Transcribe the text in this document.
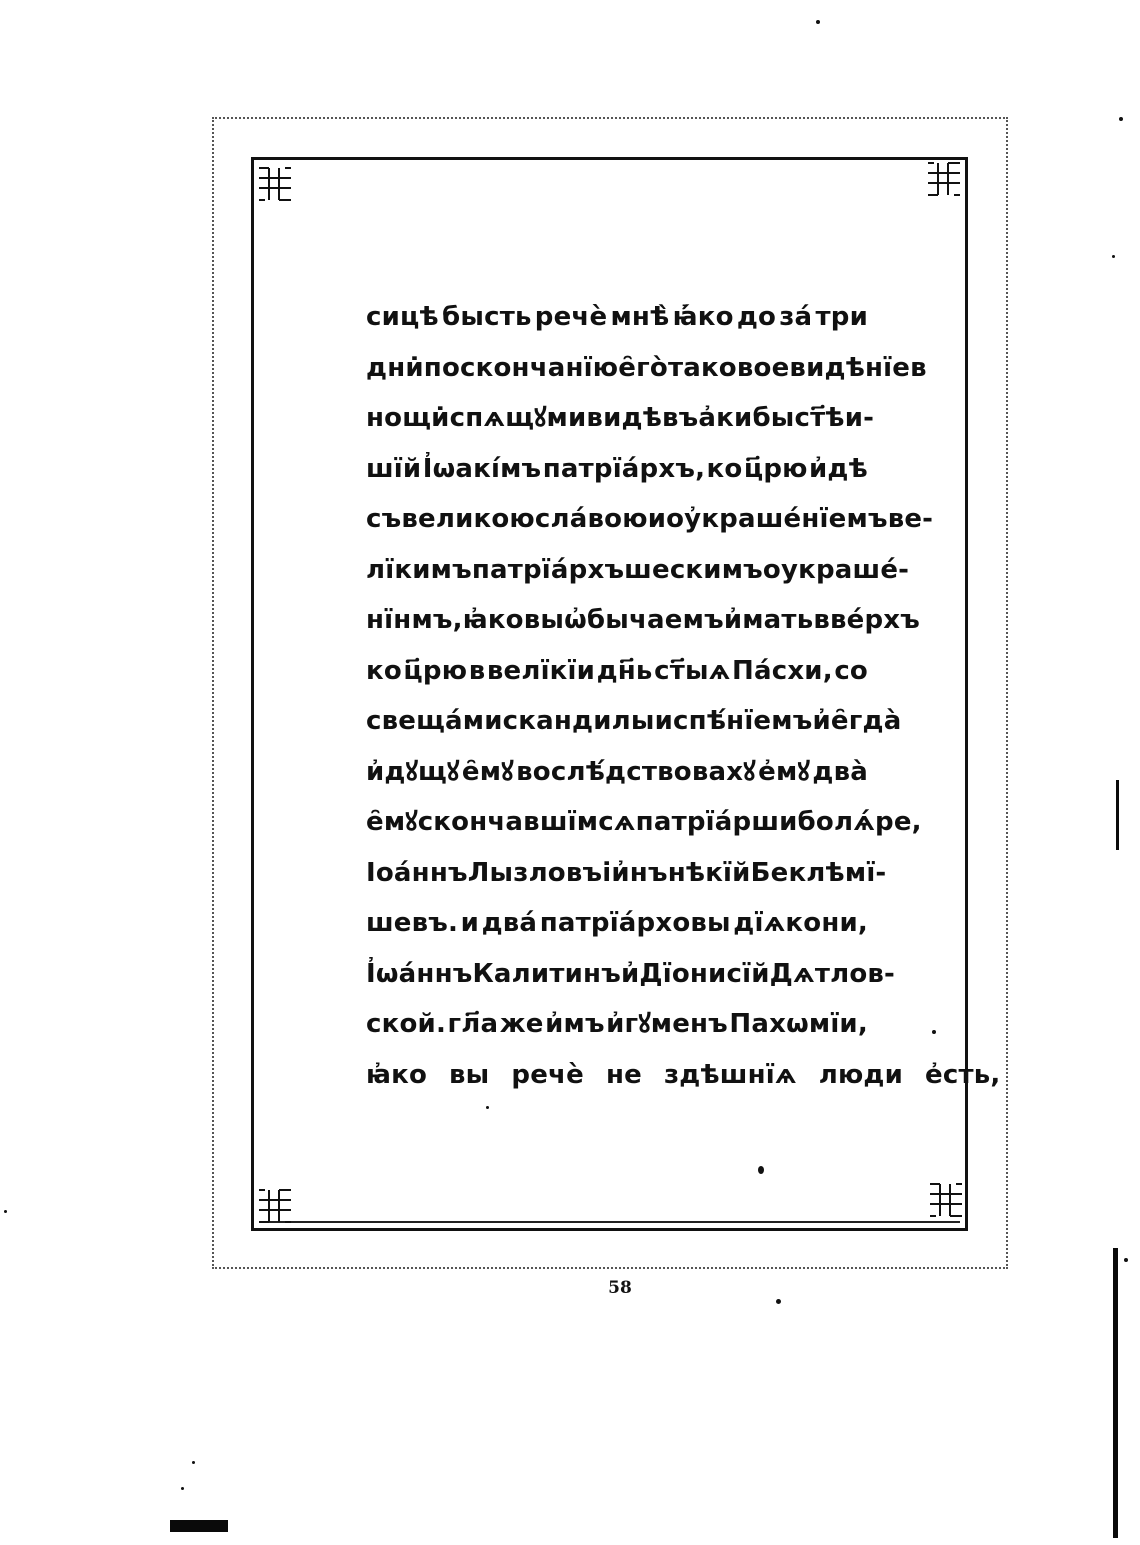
сицѣ бысть речѐ мнѣ̀ ꙗ҆́ко до за́ три
дни̇ поскончанїю е̑го̀ таковое видѣнїе в
нощи̇ спѧщꙋ ми видѣвъ а҆ки бы ст҃ѣи-
шїй І҆ѡакі́мъ патрїа́рхъ, ко ц҃рю и҆дѣ
съ великою сла́вою и оу҆краше́нїемъ ве-
лїкимъ патрїа́рхъшескимъ оукраше́-
нїнмъ, ꙗ҆ковы ѡ҆бычаемъ и҆мать в ве́рхъ
ко ц҃рю в велїкїи дн҃ь ст҃ыѧ Па́схи, со
свеща́ми с кандилы и с пѣ́нїемъ и҆ е̑гда̀
и҆дꙋщꙋ е̑мꙋ вослѣ́дствовахꙋ е҆мꙋ два̀
е̑мꙋ скончавшїмсѧ патрїа́рши болѧ́ре,
Іоа́ннъ Лызловъ і и҆нъ нѣкїй Беклѣмї-
шевъ. и два́ патрїа́рховы дїѧкони,
І҆ѡа́ннъ Калитинъ и҆ Дїонисїй Дѧтлов-
ской. гл҃а же и҆мъ и҆гꙋменъ Пахѡмїи,
ꙗ҆ко вы речѐ не здѣшнїѧ люди е҆сть,
58
